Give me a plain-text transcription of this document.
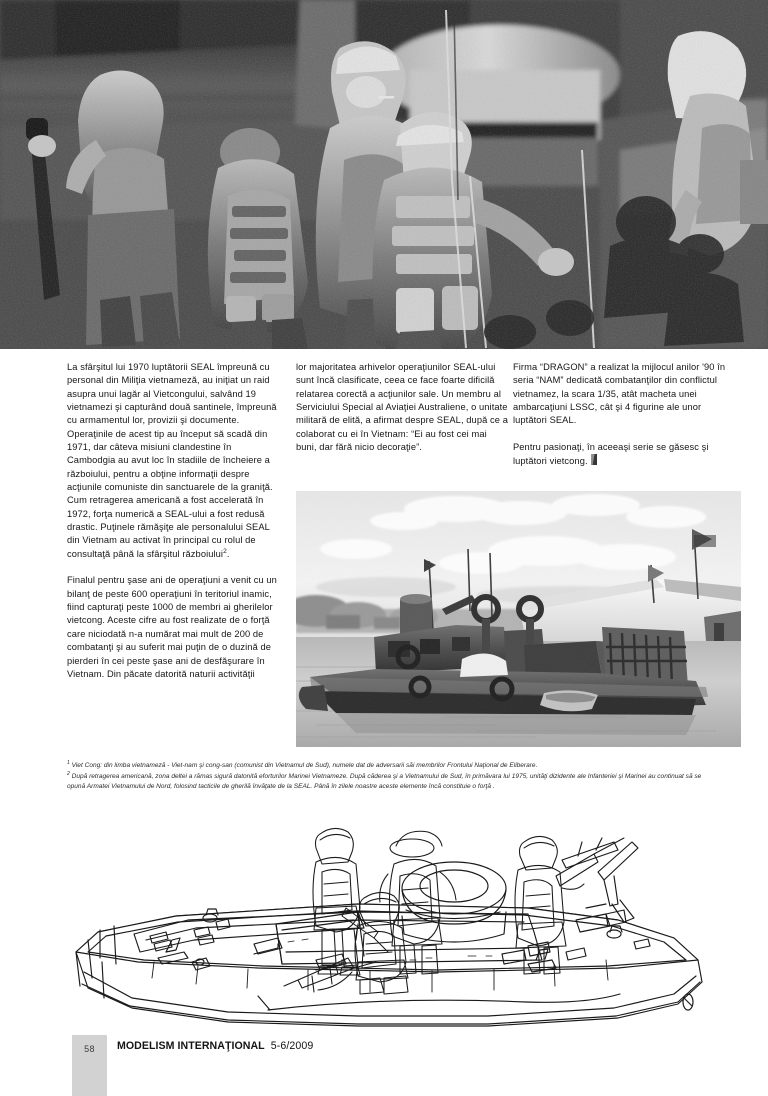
La sfârşitul lui 1970 luptătorii SEAL împreună cu personal din Miliţia vietnameză, au iniţiat un raid asupra unui lagăr al Vietcongului, salvând 19 vietnamezi şi capturând două santinele, împreună cu armamentul lor, provizii şi documente. Operaţinile de acest tip au început să scadă din 1971, dar câteva misiuni clandestine în Cambodgia au avut loc în stadiile de încheiere a războiului, pentru a obţine informaţii despre acţiunile comuniste din sanctuarele de la graniţă. Cum retragerea americană a fost accelerată în 1972, forţa numerică a SEAL-ului a fost redusă drastic. Puţinele rămăşiţe ale personalului SEAL din Vietnam au activat în principal cu rolul de consultaţă până la sfârşitul războiului$^2$.

Finalul pentru şase ani de operaţiuni a venit cu un bilanţ de peste 600 operaţiuni în teritoriul inamic, fiind capturaţi peste 1000 de membri ai gherilelor vietcong. Aceste cifre au fost realizate de o forţă care niciodată n-a numărat mai mult de 200 de combatanţi şi au suferit mai puţin de o duzină de pierderi în cei peste şase ani de desfăşurare în Vietnam. Din păcate datorită naturii activităţii

lor majoritatea arhivelor operaţiunilor SEAL-ului sunt încă clasificate, ceea ce face foarte dificilă relatarea corectă a acţiunilor sale. Un membru al Serviciului Special al Aviaţiei Australiene, o unitate militară de elită, a afirmat despre SEAL, după ce a colaborat cu ei în Vietnam: “Ei au fost cei mai buni, dar fără nicio decoraţie”.

Firma “DRAGON” a realizat la mijlocul anilor '90 în seria “NAM” dedicată combatanţilor din conflictul vietnamez, la scara 1/35, atât macheta unei ambarcaţiuni LSSC, cât şi 4 figurine ale unor luptători SEAL.

Pentru pasionaţi, în aceeaşi serie se găsesc şi luptători vietcong.

$^1$ Viet Cong: din limba vietnameză - Viet-nam şi cong-san (comunist din Vietnamul de Sud), numele dat de adversarii săi membrilor Frontului Naţional de Eliberare.
$^2$ După retragerea americană, zona deltei a rămas sigură datonită eforturilor Marinei Vietnameze. După căderea şi a Vietnamului de Sud, în primăvara lui 1975, unităţi dizidente ale Infanteriei şi Marinei au continuat să se opună Armatei Vietnamului de Nord, folosind tacticile de gherilă învăţate de la SEAL. Până în zilele noastre aceste elemente încă constituie o forţă .
58	MODELISM INTERNAŢIONAL 5-6/2009
